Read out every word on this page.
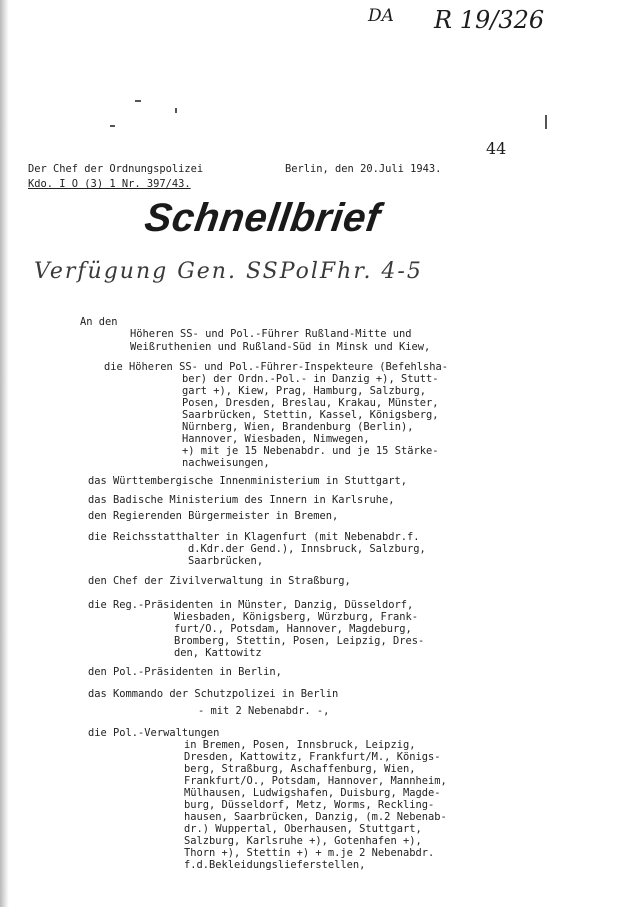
DA R 19/326
44
Der Chef der Ordnungspolizei
Kdo. I O (3) 1 Nr. 397/43.
Berlin, den 20.Juli 1943.
Schnellbrief
Verfügung Gen. SSPolFhr. 4-5
An den
Höheren SS- und Pol.-Führer Rußland-Mitte und
Weißruthenien und Rußland-Süd in Minsk und Kiew,
die Höheren SS- und Pol.-Führer-Inspekteure (Befehlsha-
ber) der Ordn.-Pol.- in Danzig +), Stutt-
gart +), Kiew, Prag, Hamburg, Salzburg,
Posen, Dresden, Breslau, Krakau, Münster,
Saarbrücken, Stettin, Kassel, Königsberg,
Nürnberg, Wien, Brandenburg (Berlin),
Hannover, Wiesbaden, Nimwegen,
+) mit je 15 Nebenabdr. und je 15 Stärke-
nachweisungen,
das Württembergische Innenministerium in Stuttgart,
das Badische Ministerium des Innern in Karlsruhe,
den Regierenden Bürgermeister in Bremen,
die Reichsstatthalter in Klagenfurt (mit Nebenabdr.f.
d.Kdr.der Gend.), Innsbruck, Salzburg,
Saarbrücken,
den Chef der Zivilverwaltung in Straßburg,
die Reg.-Präsidenten in Münster, Danzig, Düsseldorf,
Wiesbaden, Königsberg, Würzburg, Frank-
furt/O., Potsdam, Hannover, Magdeburg,
Bromberg, Stettin, Posen, Leipzig, Dres-
den, Kattowitz
den Pol.-Präsidenten in Berlin,
das Kommando der Schutzpolizei in Berlin
- mit 2 Nebenabdr. -,
die Pol.-Verwaltungen
in Bremen, Posen, Innsbruck, Leipzig,
Dresden, Kattowitz, Frankfurt/M., Königs-
berg, Straßburg, Aschaffenburg, Wien,
Frankfurt/O., Potsdam, Hannover, Mannheim,
Mülhausen, Ludwigshafen, Duisburg, Magde-
burg, Düsseldorf, Metz, Worms, Reckling-
hausen, Saarbrücken, Danzig, (m.2 Nebenab-
dr.) Wuppertal, Oberhausen, Stuttgart,
Salzburg, Karlsruhe +), Gotenhafen +),
Thorn +), Stettin +) + m.je 2 Nebenabdr.
f.d.Bekleidungslieferstellen,
